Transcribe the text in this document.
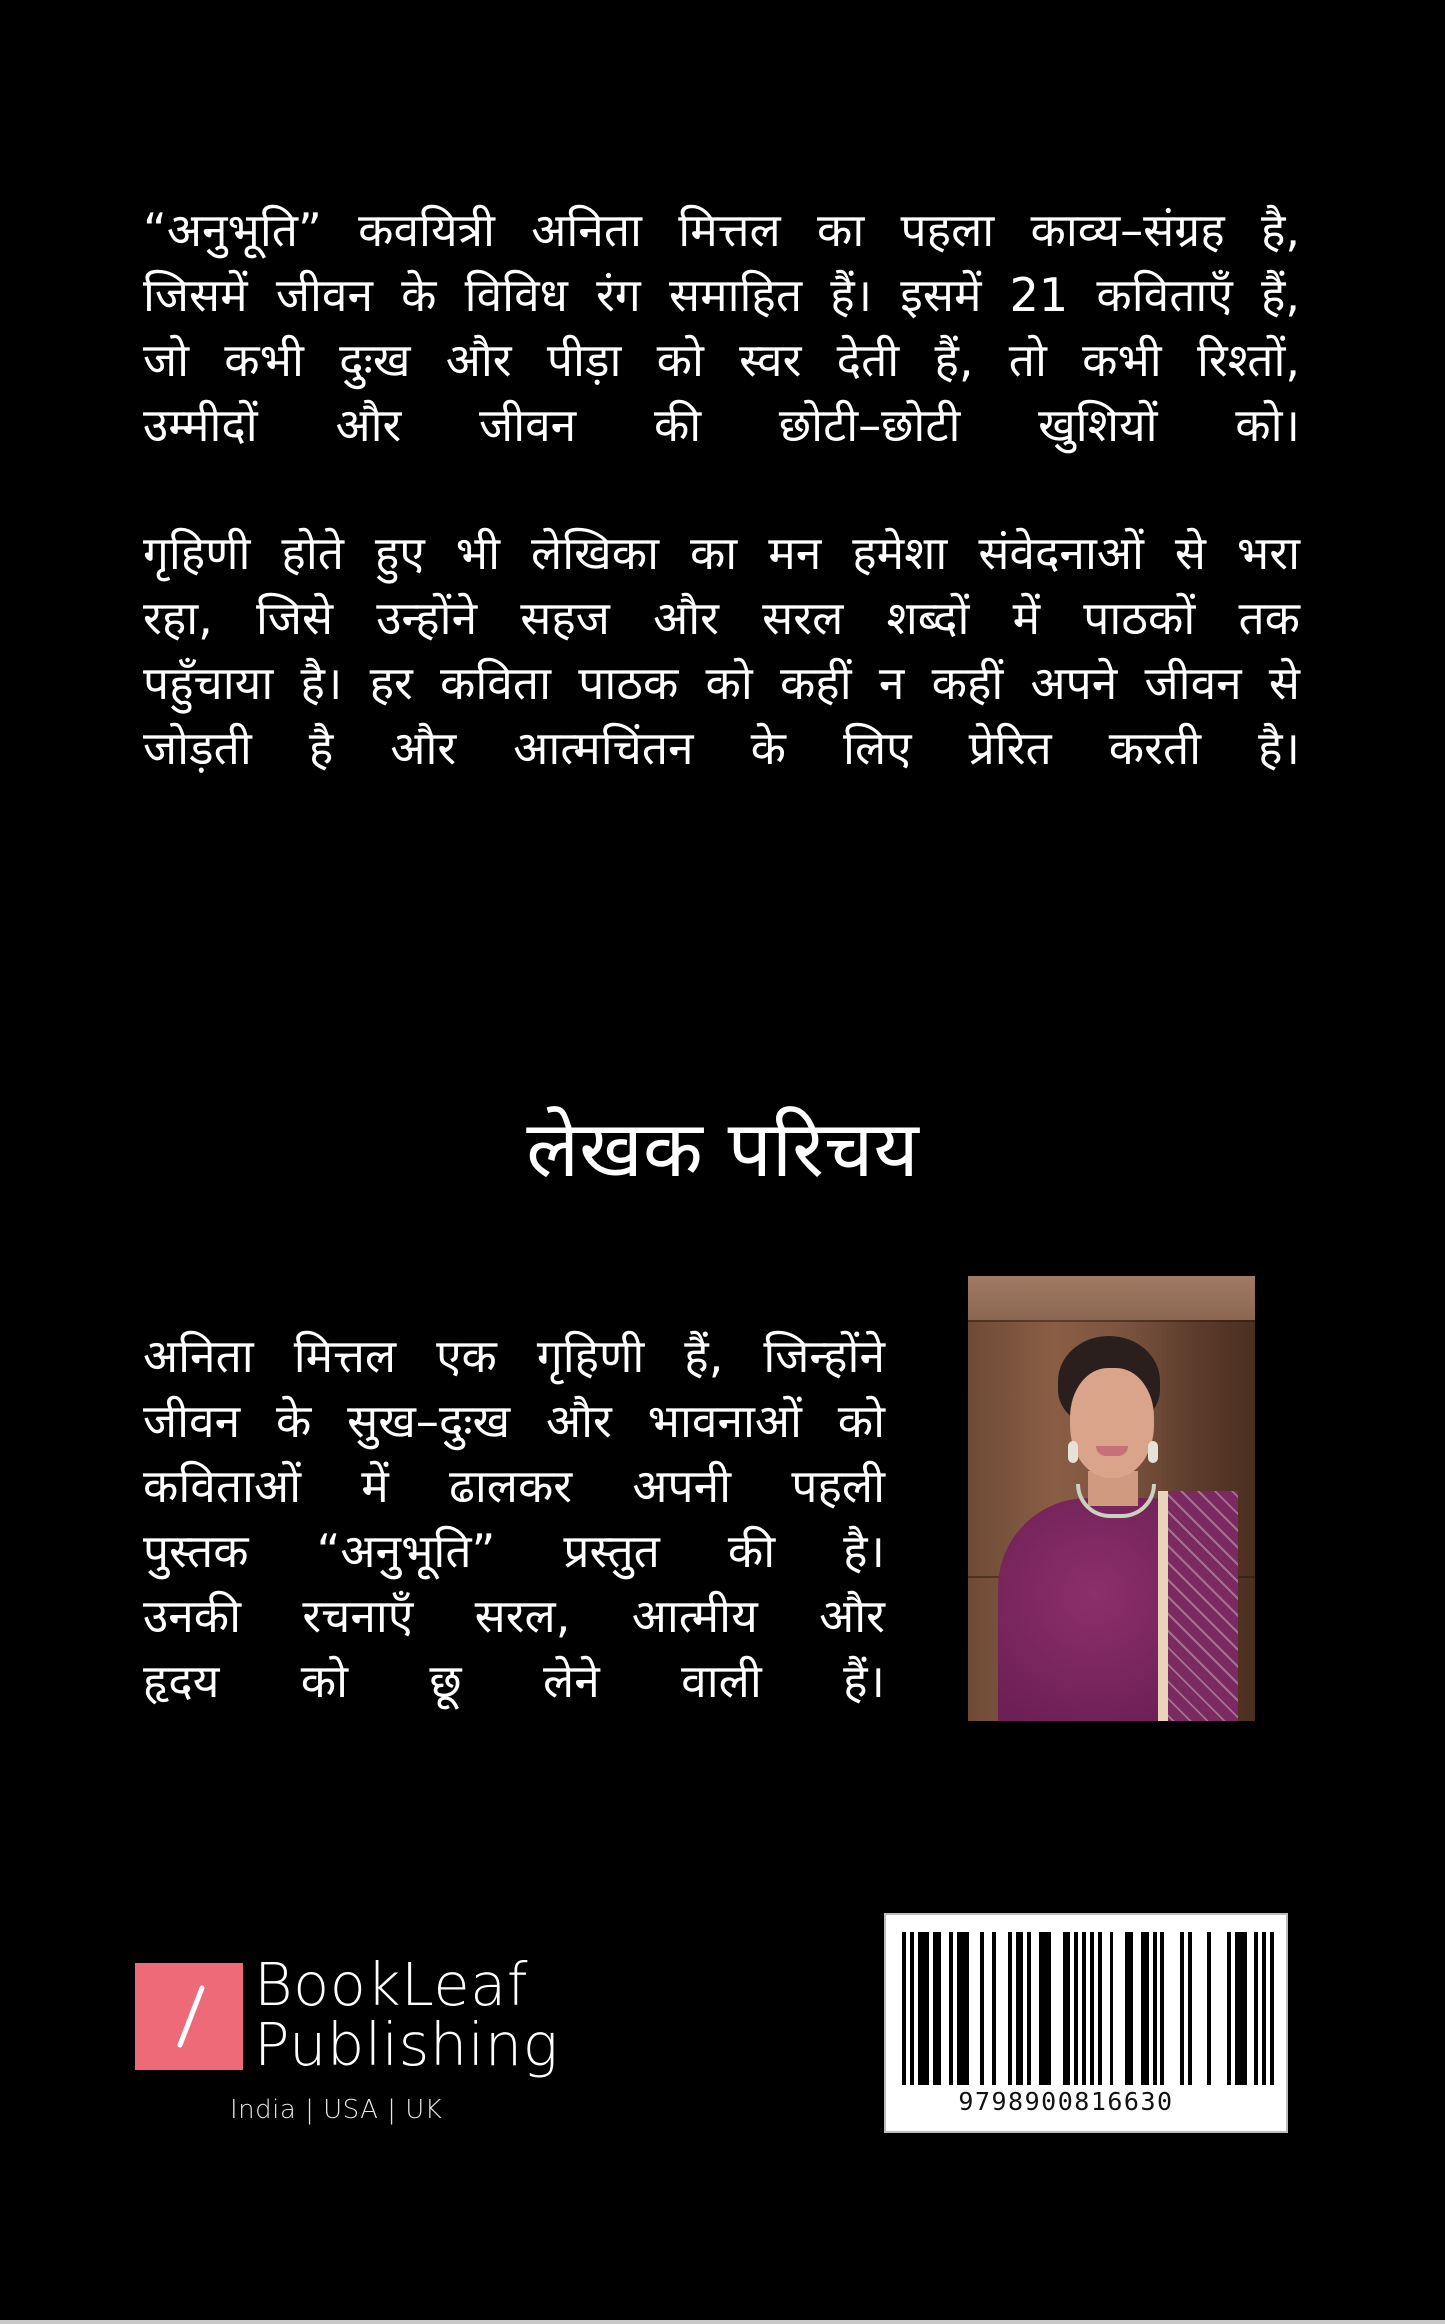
“अनुभूति” कवयित्री अनिता मित्तल का पहला काव्य–संग्रह है,
जिसमें जीवन के विविध रंग समाहित हैं। इसमें 21 कविताएँ हैं,
जो कभी दुःख और पीड़ा को स्वर देती हैं, तो कभी रिश्तों,
उम्मीदों और जीवन की छोटी–छोटी खुशियों को।
गृहिणी होते हुए भी लेखिका का मन हमेशा संवेदनाओं से भरा
रहा, जिसे उन्होंने सहज और सरल शब्दों में पाठकों तक
पहुँचाया है। हर कविता पाठक को कहीं न कहीं अपने जीवन से
जोड़ती है और आत्मचिंतन के लिए प्रेरित करती है।
लेखक परिचय
अनिता मित्तल एक गृहिणी हैं, जिन्होंने
जीवन के सुख–दुःख और भावनाओं को
कविताओं में ढालकर अपनी पहली
पुस्तक “अनुभूति” प्रस्तुत की है।
उनकी रचनाएँ सरल, आत्मीय और
हृदय को छू लेने वाली हैं।
BookLeaf
Publishing
India | USA | UK	9798900816630
